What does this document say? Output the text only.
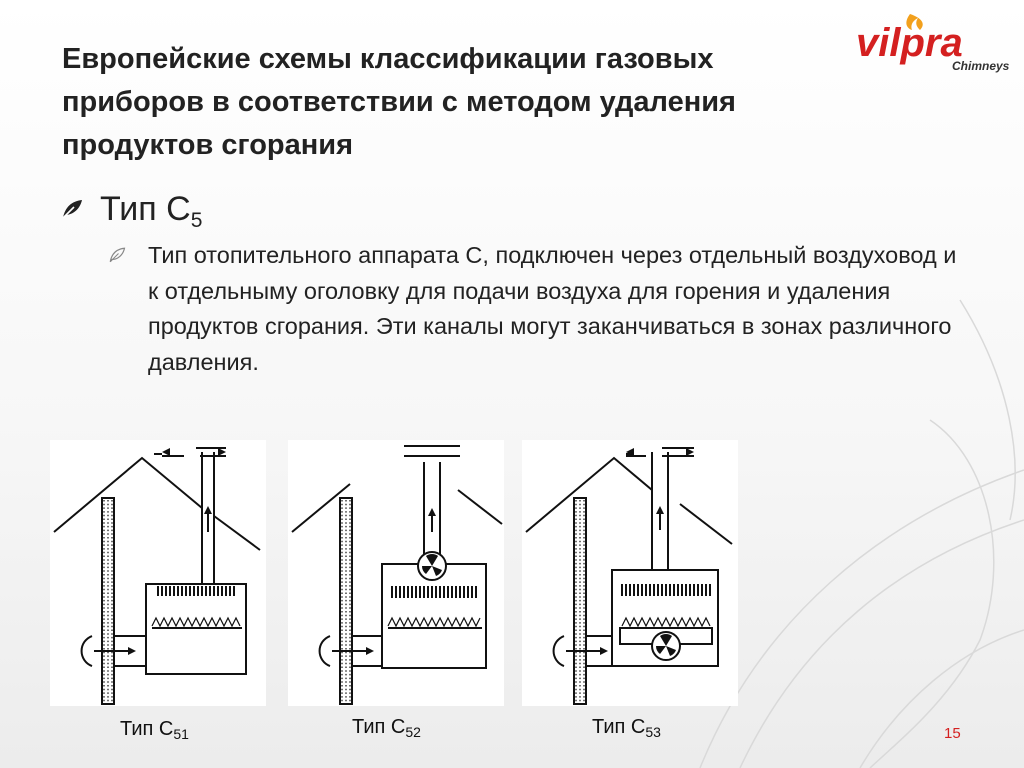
Европейские схемы классификации газовых приборов в соответствии с методом удаления продуктов сгорания
vilpra
Chimneys
Тип $С_5$
Тип отопительного аппарата С, подключен через отдельный воздуховод и к отдельныму оголовку для подачи воздуха для горения и удаления продуктов сгорания. Эти каналы могут заканчиваться в зонах различного давления.
Тип $С_{51}$	Тип $С_{52}$	Тип $С_{53}$	15
